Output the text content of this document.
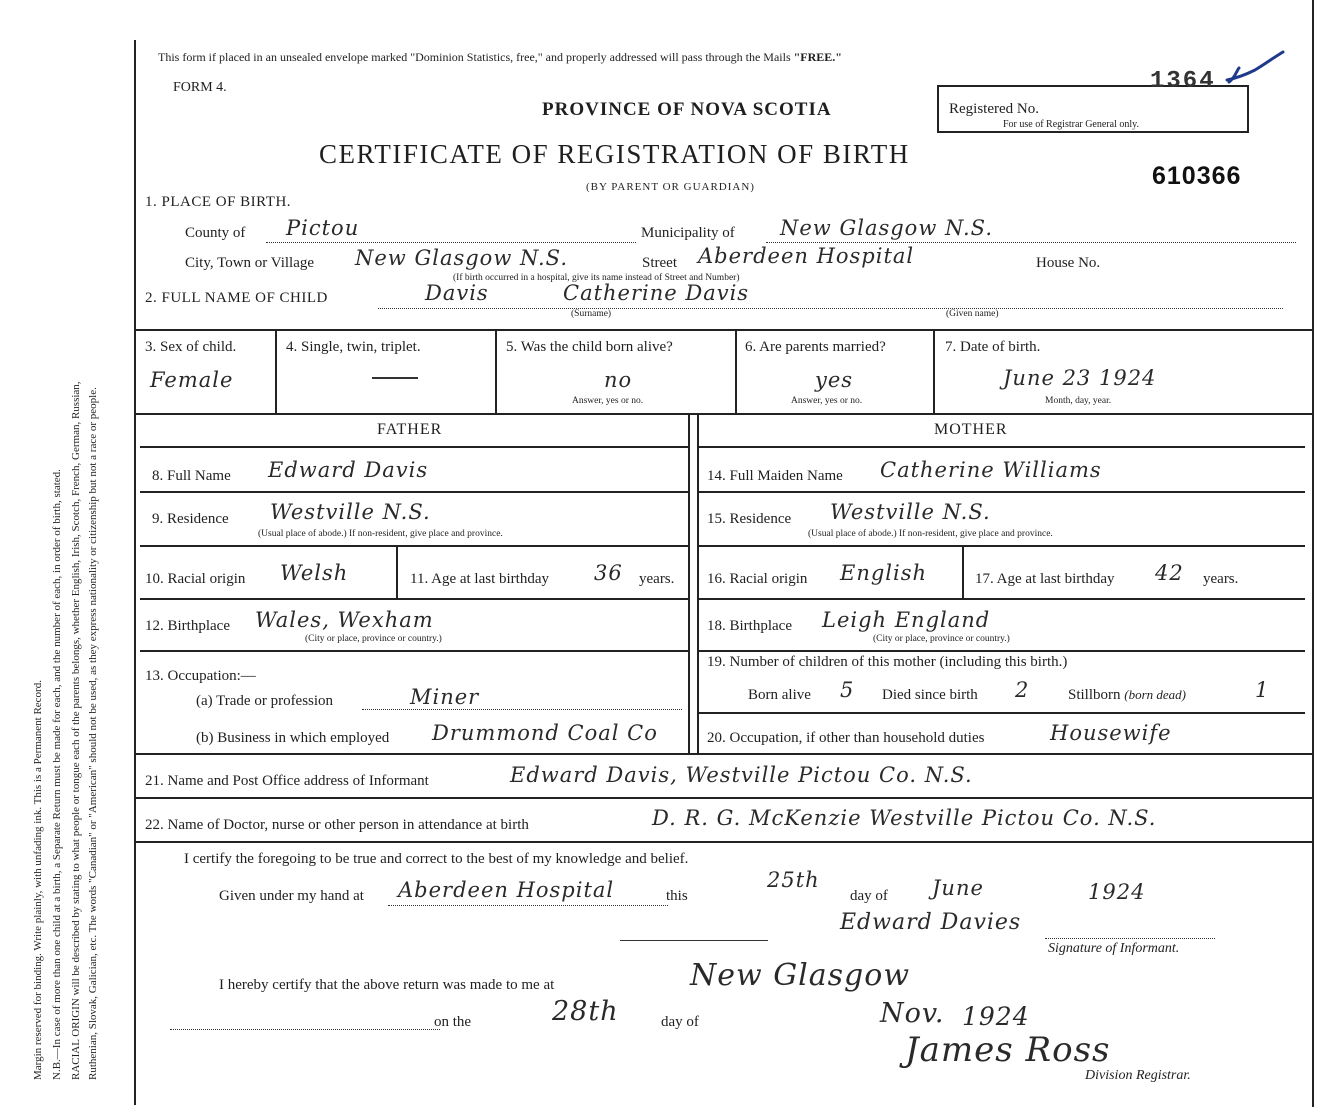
Margin reserved for binding. Write plainly, with unfading ink. This is a Permanent Record. N.B.—In case of more than one child at a birth, a Separate Return must be made for each, and the number of each, in order of birth, stated. RACIAL ORIGIN will be described by stating to what people or tongue each of the parents belongs, whether English, Irish, Scotch, French, German, Russian, Ruthenian, Slovak, Galician, etc. The words "Canadian" or "American" should not be used, as they express nationality or citizenship but not a race or people.
This form if placed in an unsealed envelope marked "Dominion Statistics, free," and properly addressed will pass through the Mails "FREE."
FORM 4.
PROVINCE OF NOVA SCOTIA
CERTIFICATE OF REGISTRATION OF BIRTH
(BY PARENT OR GUARDIAN)
Registered No.
For use of Registrar General only.
1364
610366
1. PLACE OF BIRTH.
County of Pictou	Municipality of New Glasgow N.S.
City, Town or Village New Glasgow N.S.	Street Aberdeen Hospital	House No.
(If birth occurred in a hospital, give its name instead of Street and Number)
2. FULL NAME OF CHILD	Davis	Catherine Davis
(Surname)	(Given name)
3. Sex of child.
Female
4. Single, twin, triplet.	5. Was the child born alive?
no
Answer, yes or no.
6. Are parents married?
yes
Answer, yes or no.
7. Date of birth.
June 23 1924
Month, day, year.
FATHER	MOTHER
8. Full Name Edward Davis
9. Residence Westville N.S.
(Usual place of abode.) If non-resident, give place and province.
10. Racial origin Welsh	11. Age at last birthday 36 years.
12. Birthplace Wales, Wexham
(City or place, province or country.)
13. Occupation:—
(a) Trade or profession	Miner
(b) Business in which employed Drummond Coal Co
14. Full Maiden Name Catherine Williams
15. Residence Westville N.S.
(Usual place of abode.) If non-resident, give place and province.
16. Racial origin English	17. Age at last birthday 42 years.
18. Birthplace Leigh England
(City or place, province or country.)
19. Number of children of this mother (including this birth.)
Born alive 5 Died since birth 2	Stillborn (born dead)	1
20. Occupation, if other than household duties	Housewife
21. Name and Post Office address of Informant	Edward Davis, Westville Pictou Co. N.S.
22. Name of Doctor, nurse or other person in attendance at birth	D. R. G. McKenzie Westville Pictou Co. N.S.
I certify the foregoing to be true and correct to the best of my knowledge and belief.
Given under my hand at Aberdeen Hospital	this
25th
day of June	1924
Edward Davies
Signature of Informant.
I hereby certify that the above return was made to me at	New Glasgow
on the	28th	day of	Nov. 1924
James Ross
Division Registrar.
